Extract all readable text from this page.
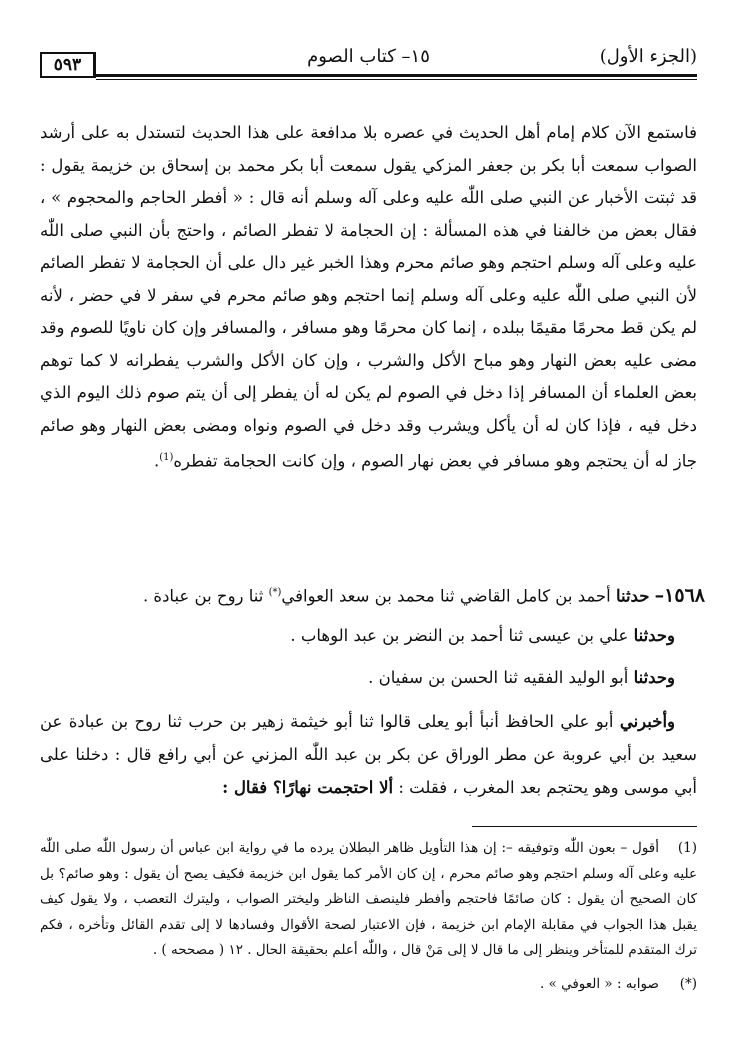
(الجزء الأول)
١٥– كتاب الصوم
٥٩٣

فاستمع الآن كلام إمام أهل الحديث في عصره بلا مدافعة على هذا الحديث لتستدل به على أرشد الصواب سمعت أبا بكر بن جعفر المزكي يقول سمعت أبا بكر محمد بن إسحاق بن خزيمة يقول : قد ثبتت الأخبار عن النبي صلى اللّٰه عليه وعلى آله وسلم أنه قال : « أفطر الحاجم والمحجوم » ، فقال بعض من خالفنا في هذه المسألة : إن الحجامة لا تفطر الصائم ، واحتج بأن النبي صلى اللّٰه عليه وعلى آله وسلم احتجم وهو صائم محرم وهذا الخبر غير دال على أن الحجامة لا تفطر الصائم لأن النبي صلى اللّٰه عليه وعلى آله وسلم إنما احتجم وهو صائم محرم في سفر لا في حضر ، لأنه لم يكن قط محرمًا مقيمًا ببلده ، إنما كان محرمًا وهو مسافر ، والمسافر وإن كان ناويًا للصوم وقد مضى عليه بعض النهار وهو مباح الأكل والشرب ، وإن كان الأكل والشرب يفطرانه لا كما توهم بعض العلماء أن المسافر إذا دخل في الصوم لم يكن له أن يفطر إلى أن يتم صوم ذلك اليوم الذي دخل فيه ، فإذا كان له أن يأكل ويشرب وقد دخل في الصوم ونواه ومضى بعض النهار وهو صائم جاز له أن يحتجم وهو مسافر في بعض نهار الصوم ، وإن كانت الحجامة تفطره$^{(1)}$.

١٥٦٨– حدثنا أحمد بن كامل القاضي ثنا محمد بن سعد العوافي(*) ثنا روح بن عبادة .

وحدثنا علي بن عيسى ثنا أحمد بن النضر بن عبد الوهاب .

وحدثنا أبو الوليد الفقيه ثنا الحسن بن سفيان .

وأخبرني أبو علي الحافظ أنبأ أبو يعلى قالوا ثنا أبو خيثمة زهير بن حرب ثنا روح بن عبادة عن سعيد بن أبي عروبة عن مطر الوراق عن بكر بن عبد اللّٰه المزني عن أبي رافع قال : دخلنا على أبي موسى وهو يحتجم بعد المغرب ، فقلت : ألا احتجمت نهارًا؟ فقال :

(1)أقول – بعون اللّٰه وتوفيقه –: إن هذا التأويل ظاهر البطلان يرده ما في رواية ابن عباس أن رسول اللّٰه صلى اللّٰه عليه وعلى آله وسلم احتجم وهو صائم محرم ، إن كان الأمر كما يقول ابن خزيمة فكيف يصح أن يقول : وهو صائم؟ بل كان الصحيح أن يقول : كان صائمًا فاحتجم وأفطر فلينصف الناظر وليختر الصواب ، وليترك التعصب ، ولا يقول كيف يقبل هذا الجواب في مقابلة الإمام ابن خزيمة ، فإن الاعتبار لصحة الأقوال وفسادها لا إلى تقدم القائل وتأخره ، فكم ترك المتقدم للمتأخر وينظر إلى ما قال لا إلى مَنْ قال ، واللّٰه أعلم بحقيقة الحال . ١٢ ( مصححه ) .

(*)صوابه : « العوفي » .
